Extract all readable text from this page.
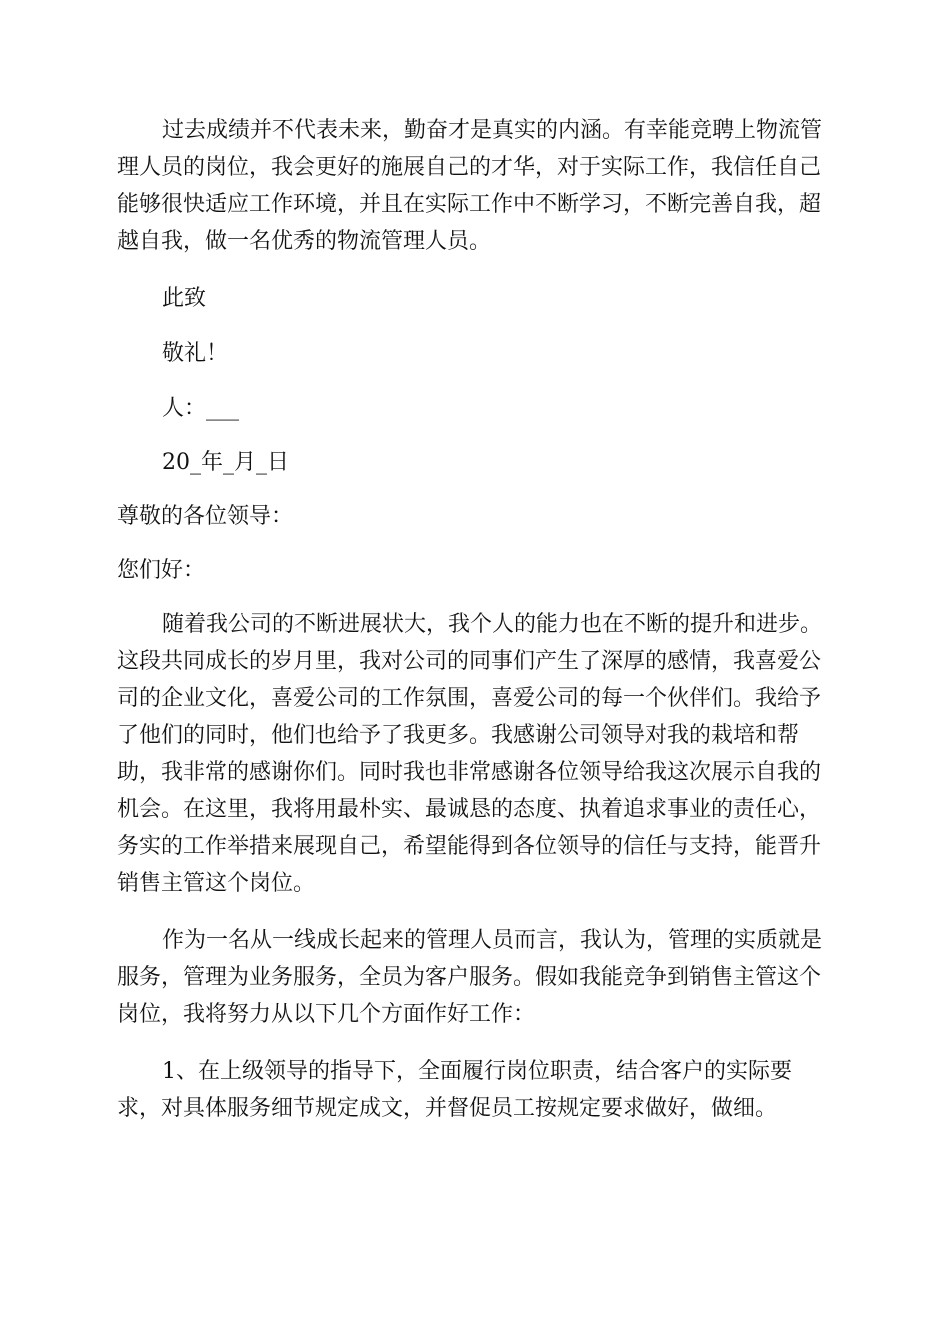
过去成绩并不代表未来，勤奋才是真实的内涵。有幸能竞聘上物流管
理人员的岗位，我会更好的施展自己的才华，对于实际工作，我信任自己
能够很快适应工作环境，并且在实际工作中不断学习，不断完善自我，超
越自我，做一名优秀的物流管理人员。
此致
敬礼！
人：___
20_年_月_日
尊敬的各位领导：
您们好：
随着我公司的不断进展状大，我个人的能力也在不断的提升和进步。
这段共同成长的岁月里，我对公司的同事们产生了深厚的感情，我喜爱公
司的企业文化，喜爱公司的工作氛围，喜爱公司的每一个伙伴们。我给予
了他们的同时，他们也给予了我更多。我感谢公司领导对我的栽培和帮
助，我非常的感谢你们。同时我也非常感谢各位领导给我这次展示自我的
机会。在这里，我将用最朴实、最诚恳的态度、执着追求事业的责任心，
务实的工作举措来展现自己，希望能得到各位领导的信任与支持，能晋升
销售主管这个岗位。
作为一名从一线成长起来的管理人员而言，我认为，管理的实质就是
服务，管理为业务服务，全员为客户服务。假如我能竞争到销售主管这个
岗位，我将努力从以下几个方面作好工作：
1、在上级领导的指导下，全面履行岗位职责，结合客户的实际要
求，对具体服务细节规定成文，并督促员工按规定要求做好，做细。
